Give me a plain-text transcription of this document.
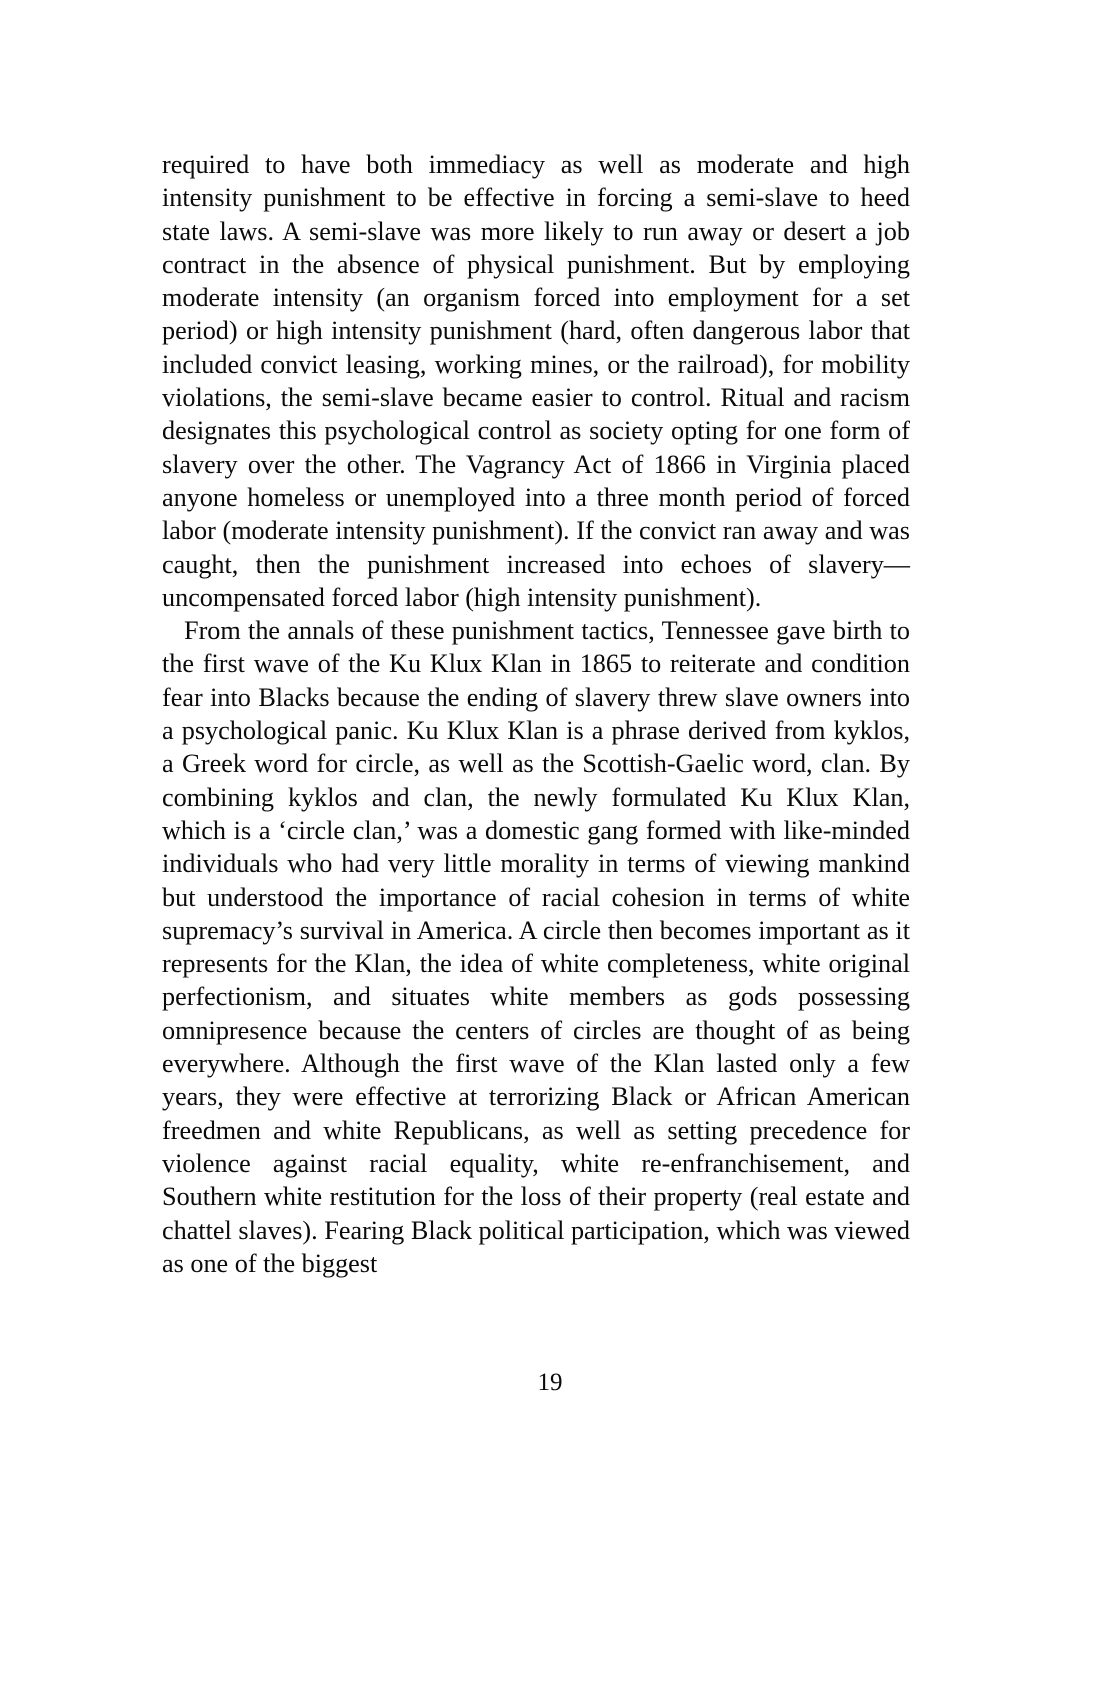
required to have both immediacy as well as moderate and high intensity punishment to be effective in forcing a semi-slave to heed state laws. A semi-slave was more likely to run away or desert a job contract in the absence of physical punishment. But by employing moderate intensity (an organism forced into employment for a set period) or high intensity punishment (hard, often dangerous labor that included convict leasing, working mines, or the railroad), for mobility violations, the semi-slave became easier to control. Ritual and racism designates this psychological control as society opting for one form of slavery over the other. The Vagrancy Act of 1866 in Virginia placed anyone homeless or unemployed into a three month period of forced labor (moderate intensity punishment). If the convict ran away and was caught, then the punishment increased into echoes of slavery—uncompensated forced labor (high intensity punishment).

From the annals of these punishment tactics, Tennessee gave birth to the first wave of the Ku Klux Klan in 1865 to reiterate and condition fear into Blacks because the ending of slavery threw slave owners into a psychological panic. Ku Klux Klan is a phrase derived from kyklos, a Greek word for circle, as well as the Scottish-Gaelic word, clan. By combining kyklos and clan, the newly formulated Ku Klux Klan, which is a ‘circle clan,’ was a domestic gang formed with like-minded individuals who had very little morality in terms of viewing mankind but understood the importance of racial cohesion in terms of white supremacy’s survival in America. A circle then becomes important as it represents for the Klan, the idea of white completeness, white original perfectionism, and situates white members as gods possessing omnipresence because the centers of circles are thought of as being everywhere. Although the first wave of the Klan lasted only a few years, they were effective at terrorizing Black or African American freedmen and white Republicans, as well as setting precedence for violence against racial equality, white re-enfranchisement, and Southern white restitution for the loss of their property (real estate and chattel slaves). Fearing Black political participation, which was viewed as one of the biggest

19
